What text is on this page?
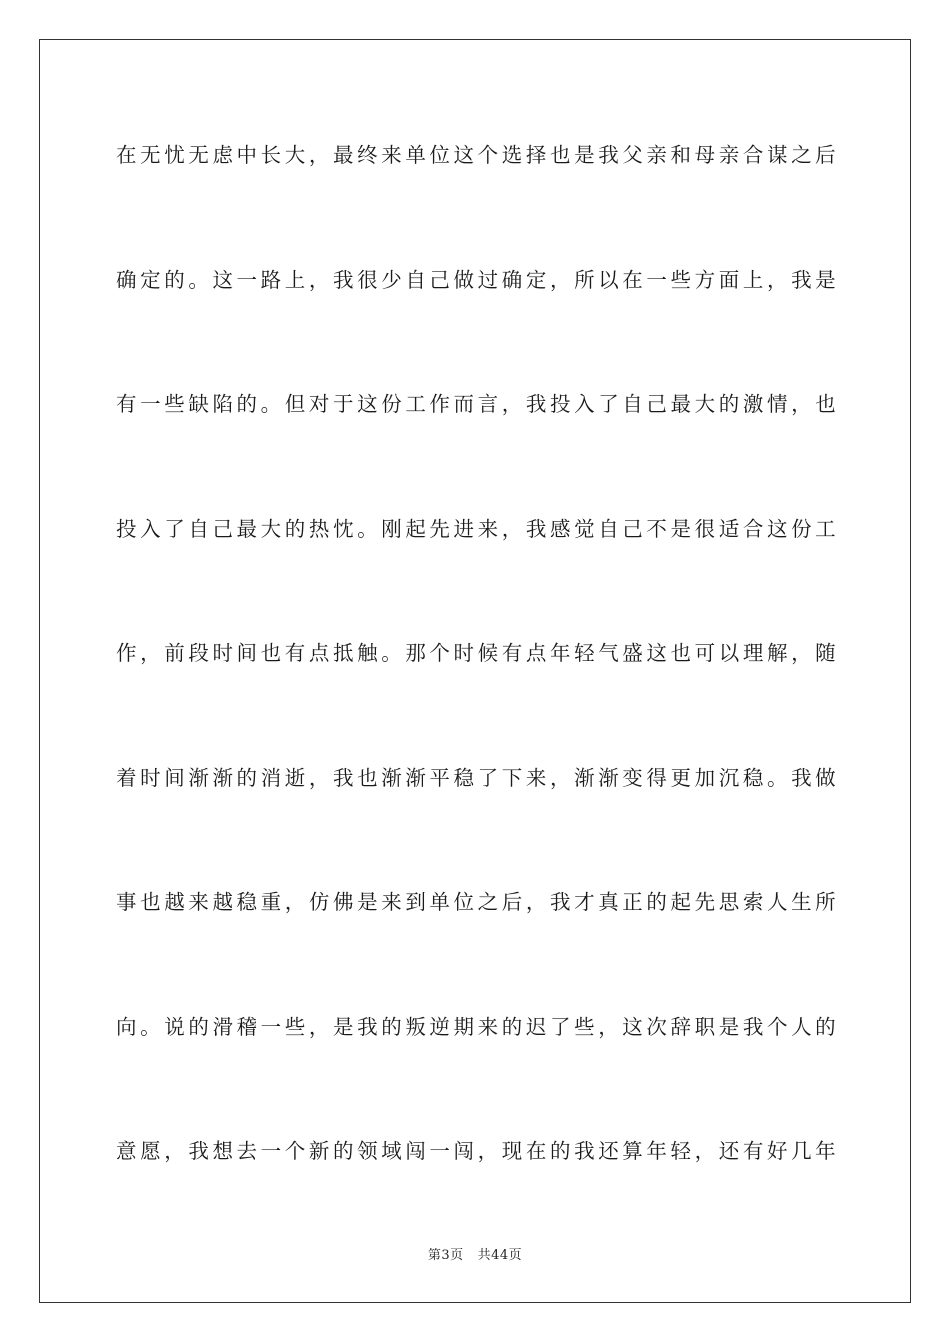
在 无 忧 无 虑 中 长 大 ， 最 终 来 单 位 这 个 选 择 也 是 我 父 亲 和 母 亲 合 谋 之 后
确 定 的 。 这 一 路 上 ， 我 很 少 自 己 做 过 确 定 ， 所 以 在 一 些 方 面 上 ， 我 是
有 一 些 缺 陷 的 。 但 对 于 这 份 工 作 而 言 ， 我 投 入 了 自 己 最 大 的 激 情 ， 也
投 入 了 自 己 最 大 的 热 忱 。 刚 起 先 进 来 ， 我 感 觉 自 己 不 是 很 适 合 这 份 工
作 ， 前 段 时 间 也 有 点 抵 触 。 那 个 时 候 有 点 年 轻 气 盛 这 也 可 以 理 解 ， 随
着 时 间 渐 渐 的 消 逝 ， 我 也 渐 渐 平 稳 了 下 来 ， 渐 渐 变 得 更 加 沉 稳 。 我 做
事 也 越 来 越 稳 重 ， 仿 佛 是 来 到 单 位 之 后 ， 我 才 真 正 的 起 先 思 索 人 生 所
向 。 说 的 滑 稽 一 些 ， 是 我 的 叛 逆 期 来 的 迟 了 些 ， 这 次 辞 职 是 我 个 人 的
意 愿 ， 我 想 去 一 个 新 的 领 域 闯 一 闯 ， 现 在 的 我 还 算 年 轻 ， 还 有 好 几 年
第3页 共44页
